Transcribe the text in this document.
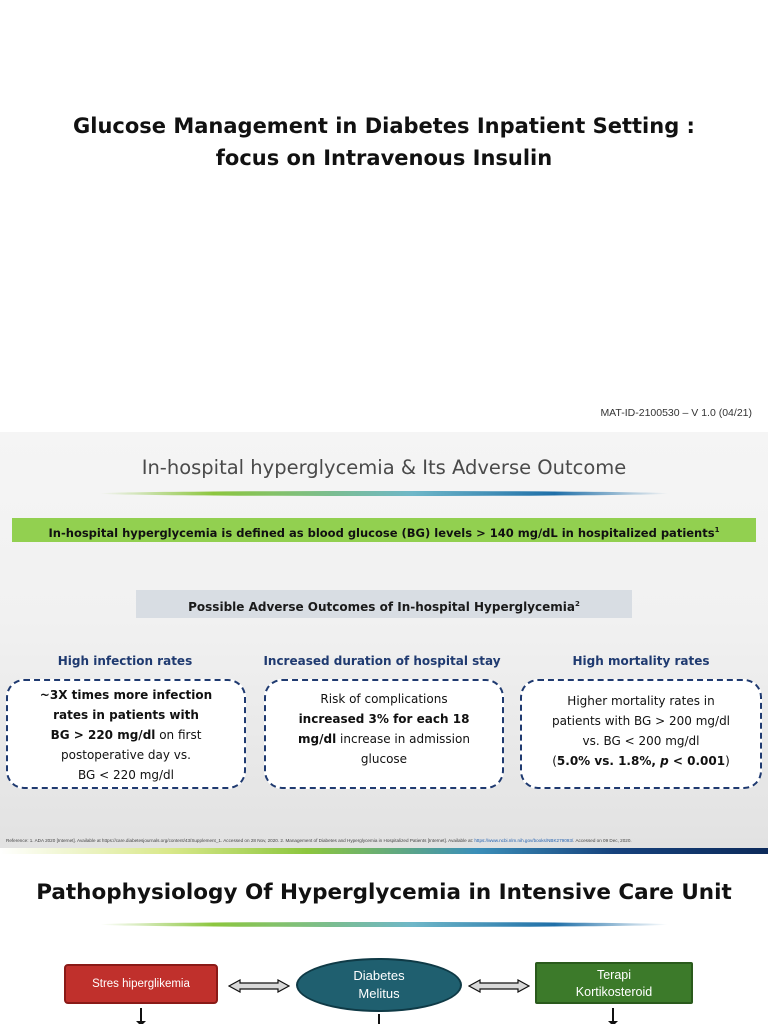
Glucose Management in Diabetes Inpatient Setting :
focus on Intravenous Insulin
MAT-ID-2100530 – V 1.0 (04/21)
In-hospital hyperglycemia & Its Adverse Outcome
In-hospital hyperglycemia is defined as blood glucose (BG) levels > 140 mg/dL in hospitalized patients$^1$
Possible Adverse Outcomes of In-hospital Hyperglycemia$^2$
High infection rates
~3X times more infection
rates in patients with
BG > 220 mg/dl on first
postoperative day vs.
BG < 220 mg/dl
Increased duration of hospital stay
Risk of complications
increased 3% for each 18
mg/dl increase in admission
glucose
High mortality rates
Higher mortality rates in
patients with BG > 200 mg/dl
vs. BG < 200 mg/dl
(5.0% vs. 1.8%, p < 0.001)
Reference: 1. ADA 2020 [Internet]. Available at https://care.diabetesjournals.org/content/43/Supplement_1. Accessed on 28 Nov, 2020. 2. Management of Diabetes and Hyperglycemia in Hospitalized Patients [Internet]. Available at: https://www.ncbi.nlm.nih.gov/books/NBK279093/. Accessed on 09 Dec, 2020.
Pathophysiology Of Hyperglycemia in Intensive Care Unit
Stres hiperglikemia
Diabetes
Melitus
Terapi
Kortikosteroid
